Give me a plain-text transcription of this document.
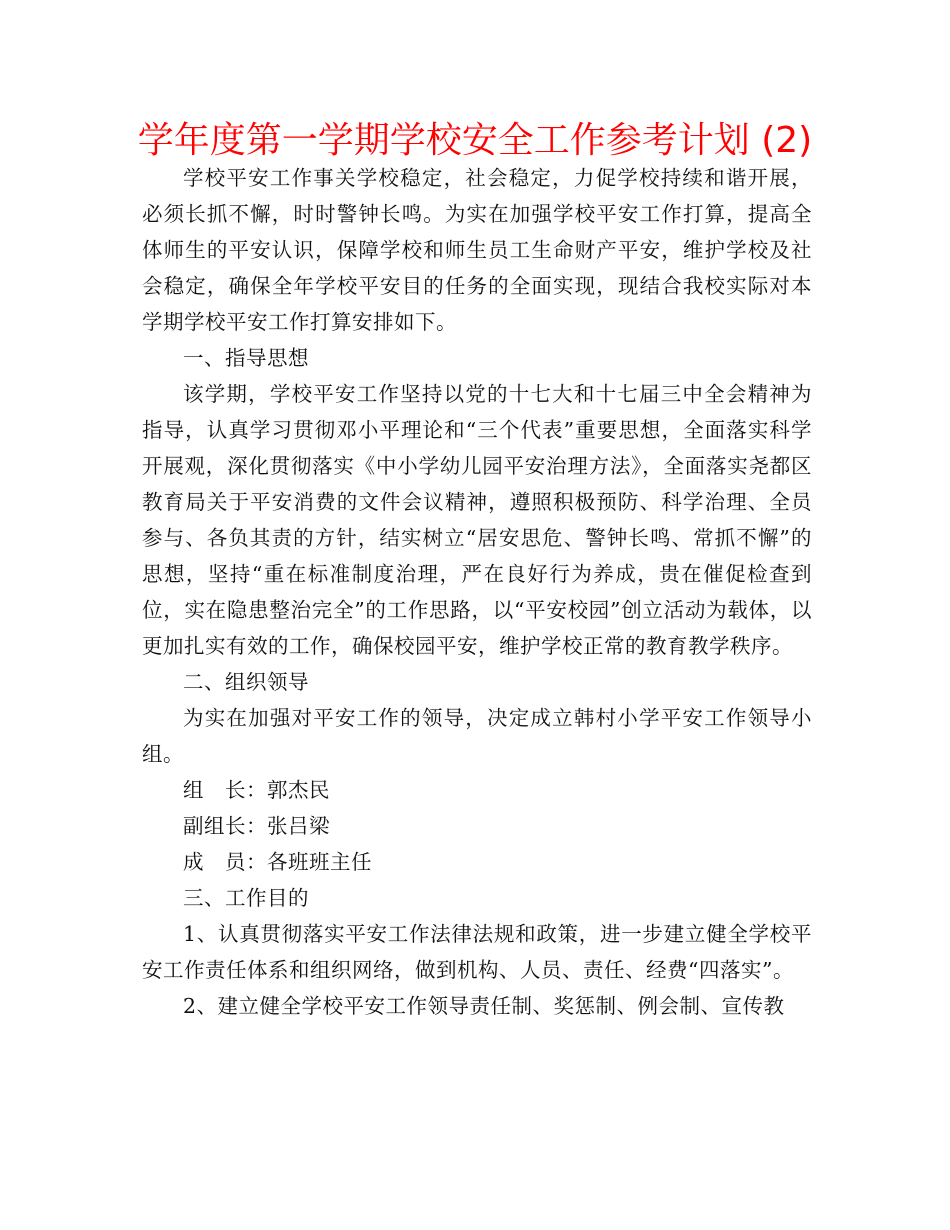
学年度第一学期学校安全工作参考计划 (2)

学校平安工作事关学校稳定，社会稳定，力促学校持续和谐开展，必须长抓不懈，时时警钟长鸣。为实在加强学校平安工作打算，提高全体师生的平安认识，保障学校和师生员工生命财产平安，维护学校及社会稳定，确保全年学校平安目的任务的全面实现，现结合我校实际对本学期学校平安工作打算安排如下。

一、指导思想

该学期，学校平安工作坚持以党的十七大和十七届三中全会精神为指导，认真学习贯彻邓小平理论和“三个代表”重要思想，全面落实科学开展观，深化贯彻落实《中小学幼儿园平安治理方法》，全面落实尧都区教育局关于平安消费的文件会议精神，遵照积极预防、科学治理、全员参与、各负其责的方针，结实树立“居安思危、警钟长鸣、常抓不懈”的思想，坚持“重在标准制度治理，严在良好行为养成，贵在催促检查到位，实在隐患整治完全”的工作思路，以“平安校园”创立活动为载体，以更加扎实有效的工作，确保校园平安，维护学校正常的教育教学秩序。

二、组织领导

为实在加强对平安工作的领导，决定成立韩村小学平安工作领导小组。

组　长：郭杰民

副组长：张吕梁

成　员：各班班主任

三、工作目的

1、认真贯彻落实平安工作法律法规和政策，进一步建立健全学校平安工作责任体系和组织网络，做到机构、人员、责任、经费“四落实”。

2、建立健全学校平安工作领导责任制、奖惩制、例会制、宣传教
